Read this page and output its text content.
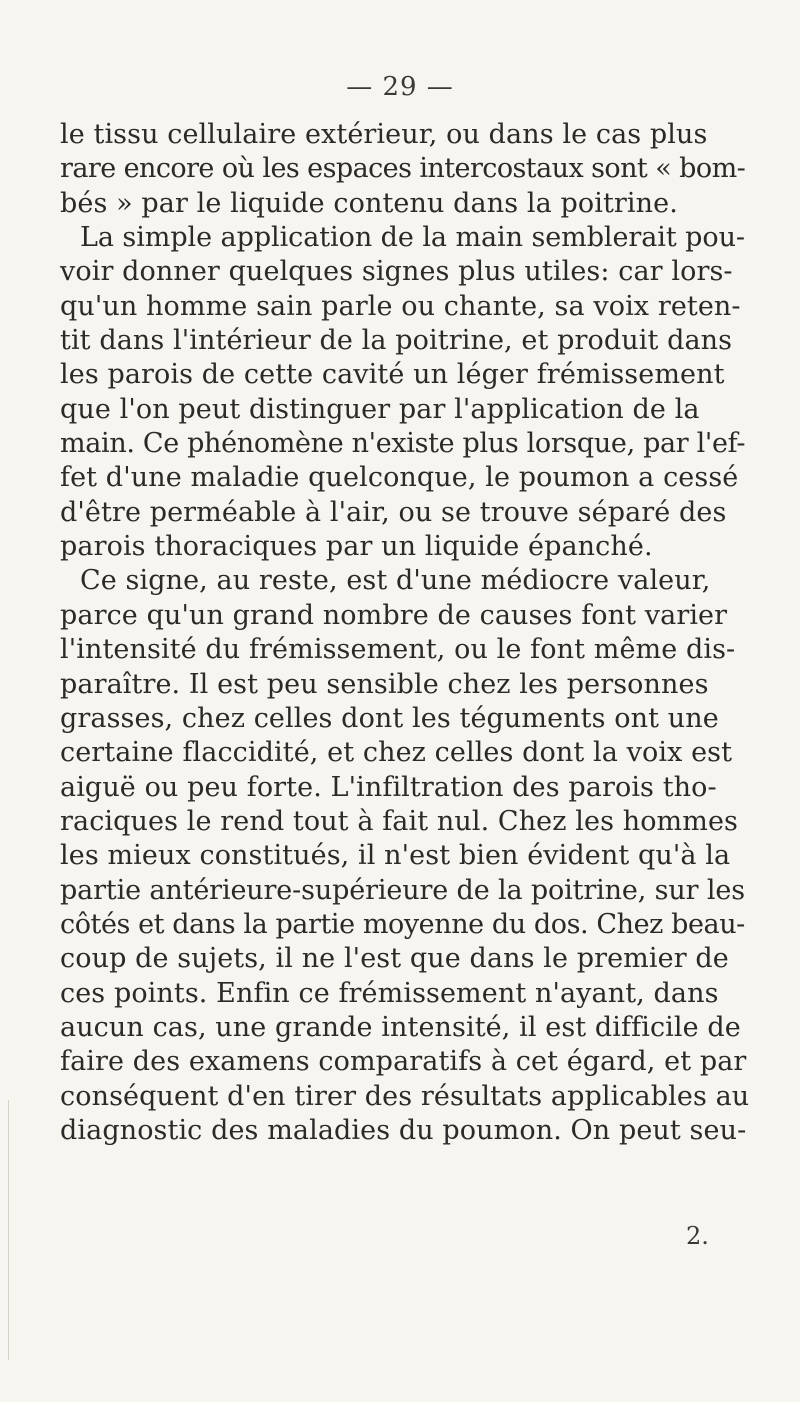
— 29 —
le tissu cellulaire extérieur, ou dans le cas plus
rare encore où les espaces intercostaux sont « bom-
bés » par le liquide contenu dans la poitrine.
La simple application de la main semblerait pou-
voir donner quelques signes plus utiles: car lors-
qu'un homme sain parle ou chante, sa voix reten-
tit dans l'intérieur de la poitrine, et produit dans
les parois de cette cavité un léger frémissement
que l'on peut distinguer par l'application de la
main. Ce phénomène n'existe plus lorsque, par l'ef-
fet d'une maladie quelconque, le poumon a cessé
d'être perméable à l'air, ou se trouve séparé des
parois thoraciques par un liquide épanché.
Ce signe, au reste, est d'une médiocre valeur,
parce qu'un grand nombre de causes font varier
l'intensité du frémissement, ou le font même dis-
paraître. Il est peu sensible chez les personnes
grasses, chez celles dont les téguments ont une
certaine flaccidité, et chez celles dont la voix est
aiguë ou peu forte. L'infiltration des parois tho-
raciques le rend tout à fait nul. Chez les hommes
les mieux constitués, il n'est bien évident qu'à la
partie antérieure-supérieure de la poitrine, sur les
côtés et dans la partie moyenne du dos. Chez beau-
coup de sujets, il ne l'est que dans le premier de
ces points. Enfin ce frémissement n'ayant, dans
aucun cas, une grande intensité, il est difficile de
faire des examens comparatifs à cet égard, et par
conséquent d'en tirer des résultats applicables au
diagnostic des maladies du poumon. On peut seu-
2.
